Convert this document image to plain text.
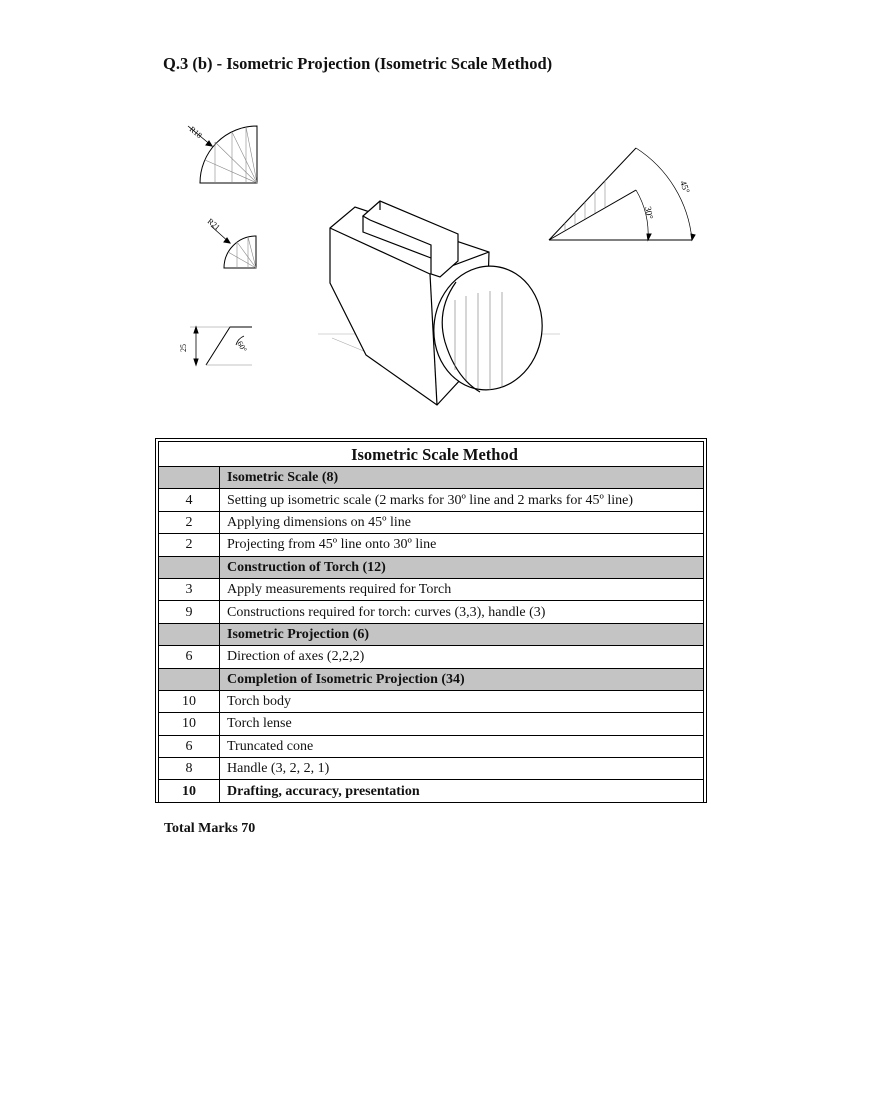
Q.3 (b) - Isometric Projection (Isometric Scale Method)
R18
R21
25	60°
45°
30°
Isometric Scale Method	
	Isometric Scale (8)
4	Setting up isometric scale (2 marks for 30º line and 2 marks for 45º line)
2	Applying dimensions on 45º line
2	Projecting from 45º line onto 30º line
	Construction of Torch (12)
3	Apply measurements required for Torch
9	Constructions required for torch: curves (3,3), handle (3)
	Isometric Projection (6)
6	Direction of axes (2,2,2)
	Completion of Isometric Projection (34)
10	Torch body
10	Torch lense
6	Truncated cone
8	Handle (3, 2, 2, 1)
10	Drafting, accuracy, presentation

Total Marks 70
